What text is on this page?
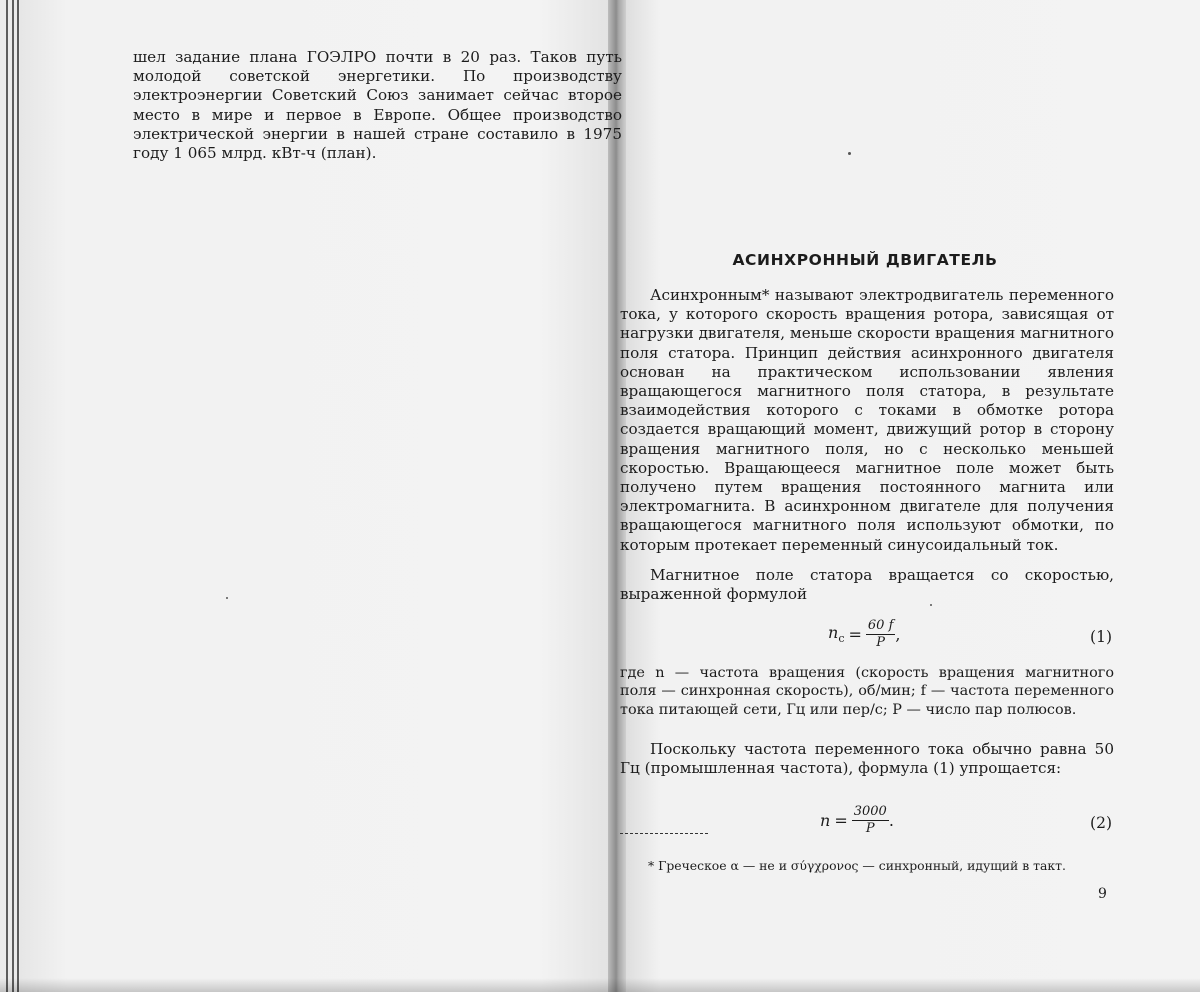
шел задание плана ГОЭЛРО почти в 20 раз. Таков путь молодой советской энергетики. По производству электроэнергии Советский Союз занимает сейчас второе место в мире и первое в Европе. Общее производство электрической энергии в нашей стране составило в 1975 году 1 065 млрд. кВт-ч (план).

АСИНХРОННЫЙ ДВИГАТЕЛЬ

Асинхронным* называют электродвигатель переменного тока, у которого скорость вращения ротора, зависящая от нагрузки двигателя, меньше скорости вращения магнитного поля статора. Принцип действия асинхронного двигателя основан на практическом использовании явления вращающегося магнитного поля статора, в результате взаимодействия которого с токами в обмотке ротора создается вращающий момент, движущий ротор в сторону вращения магнитного поля, но с несколько меньшей скоростью. Вращающееся магнитное поле может быть получено путем вращения постоянного магнита или электромагнита. В асинхронном двигателе для получения вращающегося магнитного поля используют обмотки, по которым протекает переменный синусоидальный ток.

Магнитное поле статора вращается со скоростью, выраженной формулой

$n_c = \frac{60 f}{P}$ ,	(1)

где n — частота вращения (скорость вращения магнитного поля — синхронная скорость), об/мин; f — частота переменного тока питающей сети, Гц или пер/с; P — число пар полюсов.

Поскольку частота переменного тока обычно равна 50 Гц (промышленная частота), формула (1) упрощается:

$n = \frac{3000}{P}$ .	(2)
* Греческое α — не и σύγχρονος — синхронный, идущий в такт.
9
